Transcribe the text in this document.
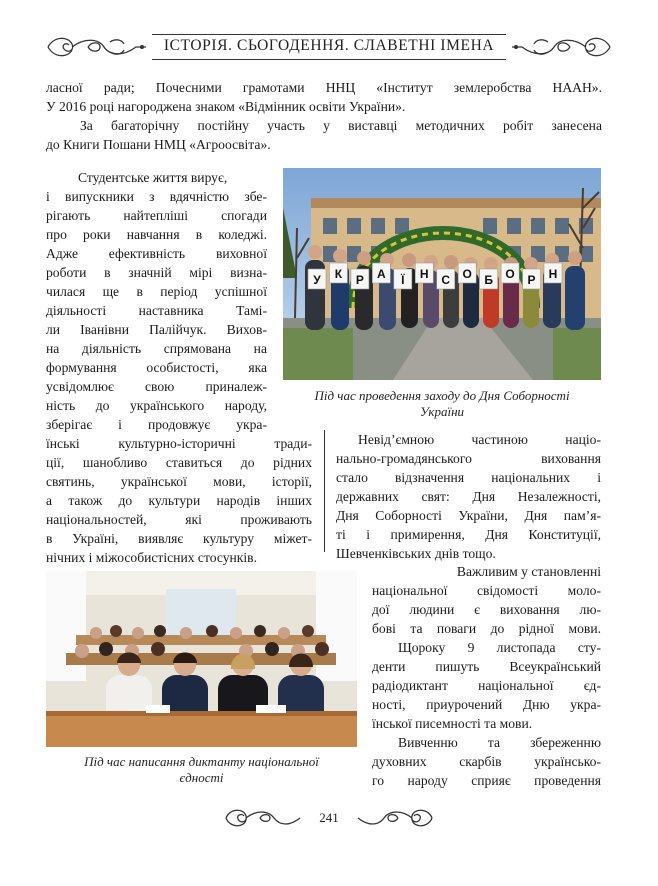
ІСТОРІЯ. СЬОГОДЕННЯ. СЛАВЕТНІ ІМЕНА

ласної ради; Почесними грамотами ННЦ «Інститут землеробства НААН».

У 2016 році нагороджена знаком «Відмінник освіти України».

За багаторічну постійну участь у виставці методичних робіт занесена

до Книги Пошани НМЦ «Агроосвіта».

Студентське життя вирує,

і випускники з вдячністю збе-

рігають найтепліші спогади

про роки навчання в коледжі.

Адже ефективність виховної

роботи в значній мірі визна-

чилася ще в період успішної

діяльності наставника Тамі-

ли Іванівни Палійчук. Вихов-

на діяльність спрямована на

формування особистості, яка

усвідомлює свою приналеж-

ність до українського народу,

зберігає і продовжує укра-

їнські культурно-історичні тради-

ції, шанобливо ставиться до рідних

святинь, української мови, історії,

а також до культури народів інших

національностей, які проживають

в Україні, виявляє культуру міжет-

нічних і міжособистісних стосунків.

У К Р А Ї Н С О Б О Р Н

Під час проведення заходу до Дня Соборності

України

Невід’ємною частиною націо-

нально-громадянського виховання

стало відзначення національних і

державних свят: Дня Незалежності,

Дня Соборності України, Дня пам’я-

ті і примирення, Дня Конституції,

Шевченківських днів тощо.

Під час написання диктанту національної

єдності

Важливим у становленні

національної свідомості моло-

дої людини є виховання лю-

бові та поваги до рідної мови.

Щороку 9 листопада сту-

денти пишуть Всеукраїнський

радіодиктант національної єд-

ності, приурочений Дню укра-

їнської писемності та мови.

Вивченню та збереженню

духовних скарбів українсько-

го народу сприяє проведення

241
